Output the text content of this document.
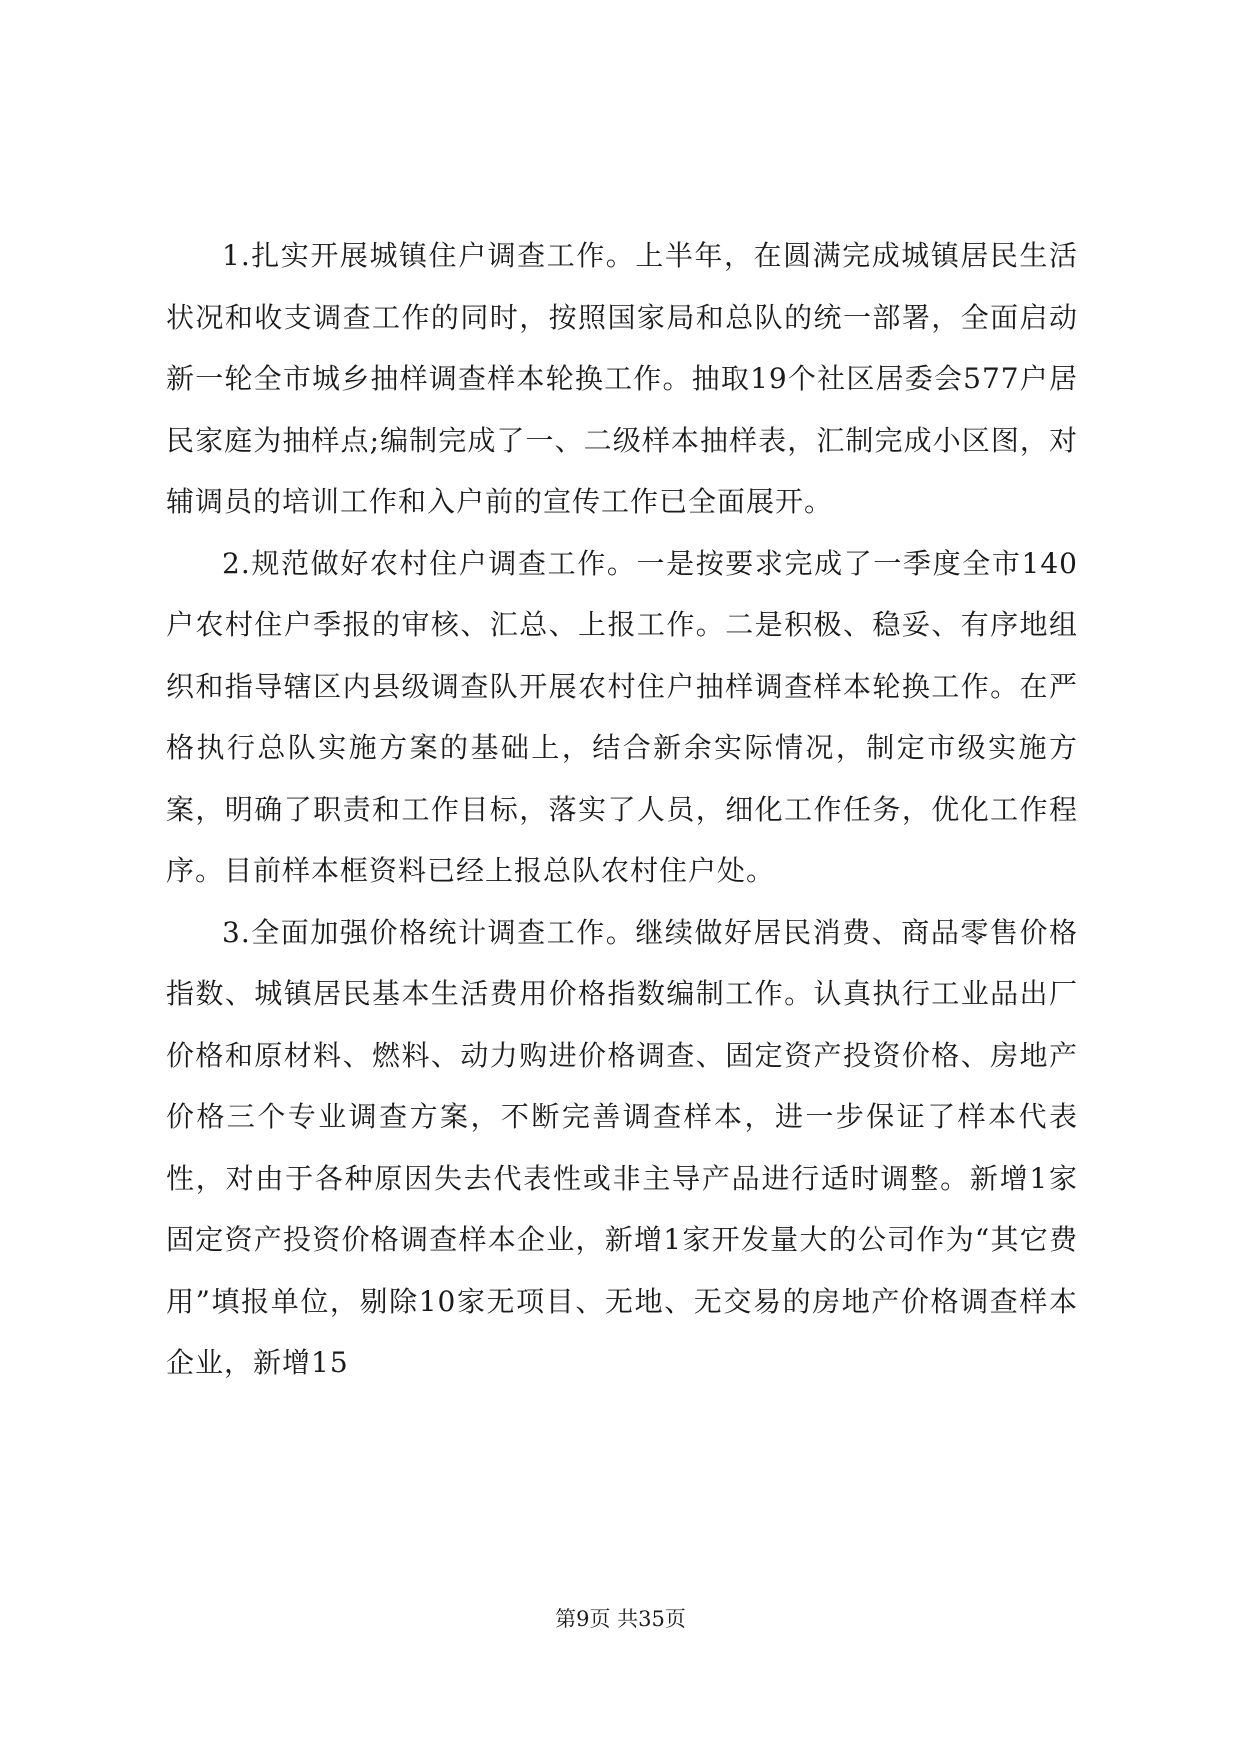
1.扎实开展城镇住户调查工作。上半年，在圆满完成城镇居民生活状况和收支调查工作的同时，按照国家局和总队的统一部署，全面启动新一轮全市城乡抽样调查样本轮换工作。抽取19个社区居委会577户居民家庭为抽样点;编制完成了一、二级样本抽样表，汇制完成小区图，对辅调员的培训工作和入户前的宣传工作已全面展开。

2.规范做好农村住户调查工作。一是按要求完成了一季度全市140户农村住户季报的审核、汇总、上报工作。二是积极、稳妥、有序地组织和指导辖区内县级调查队开展农村住户抽样调查样本轮换工作。在严格执行总队实施方案的基础上，结合新余实际情况，制定市级实施方案，明确了职责和工作目标，落实了人员，细化工作任务，优化工作程序。目前样本框资料已经上报总队农村住户处。

3.全面加强价格统计调查工作。继续做好居民消费、商品零售价格指数、城镇居民基本生活费用价格指数编制工作。认真执行工业品出厂价格和原材料、燃料、动力购进价格调查、固定资产投资价格、房地产价格三个专业调查方案，不断完善调查样本，进一步保证了样本代表性，对由于各种原因失去代表性或非主导产品进行适时调整。新增1家固定资产投资价格调查样本企业，新增1家开发量大的公司作为“其它费用”填报单位，剔除10家无项目、无地、无交易的房地产价格调查样本企业，新增15

第9页 共35页
